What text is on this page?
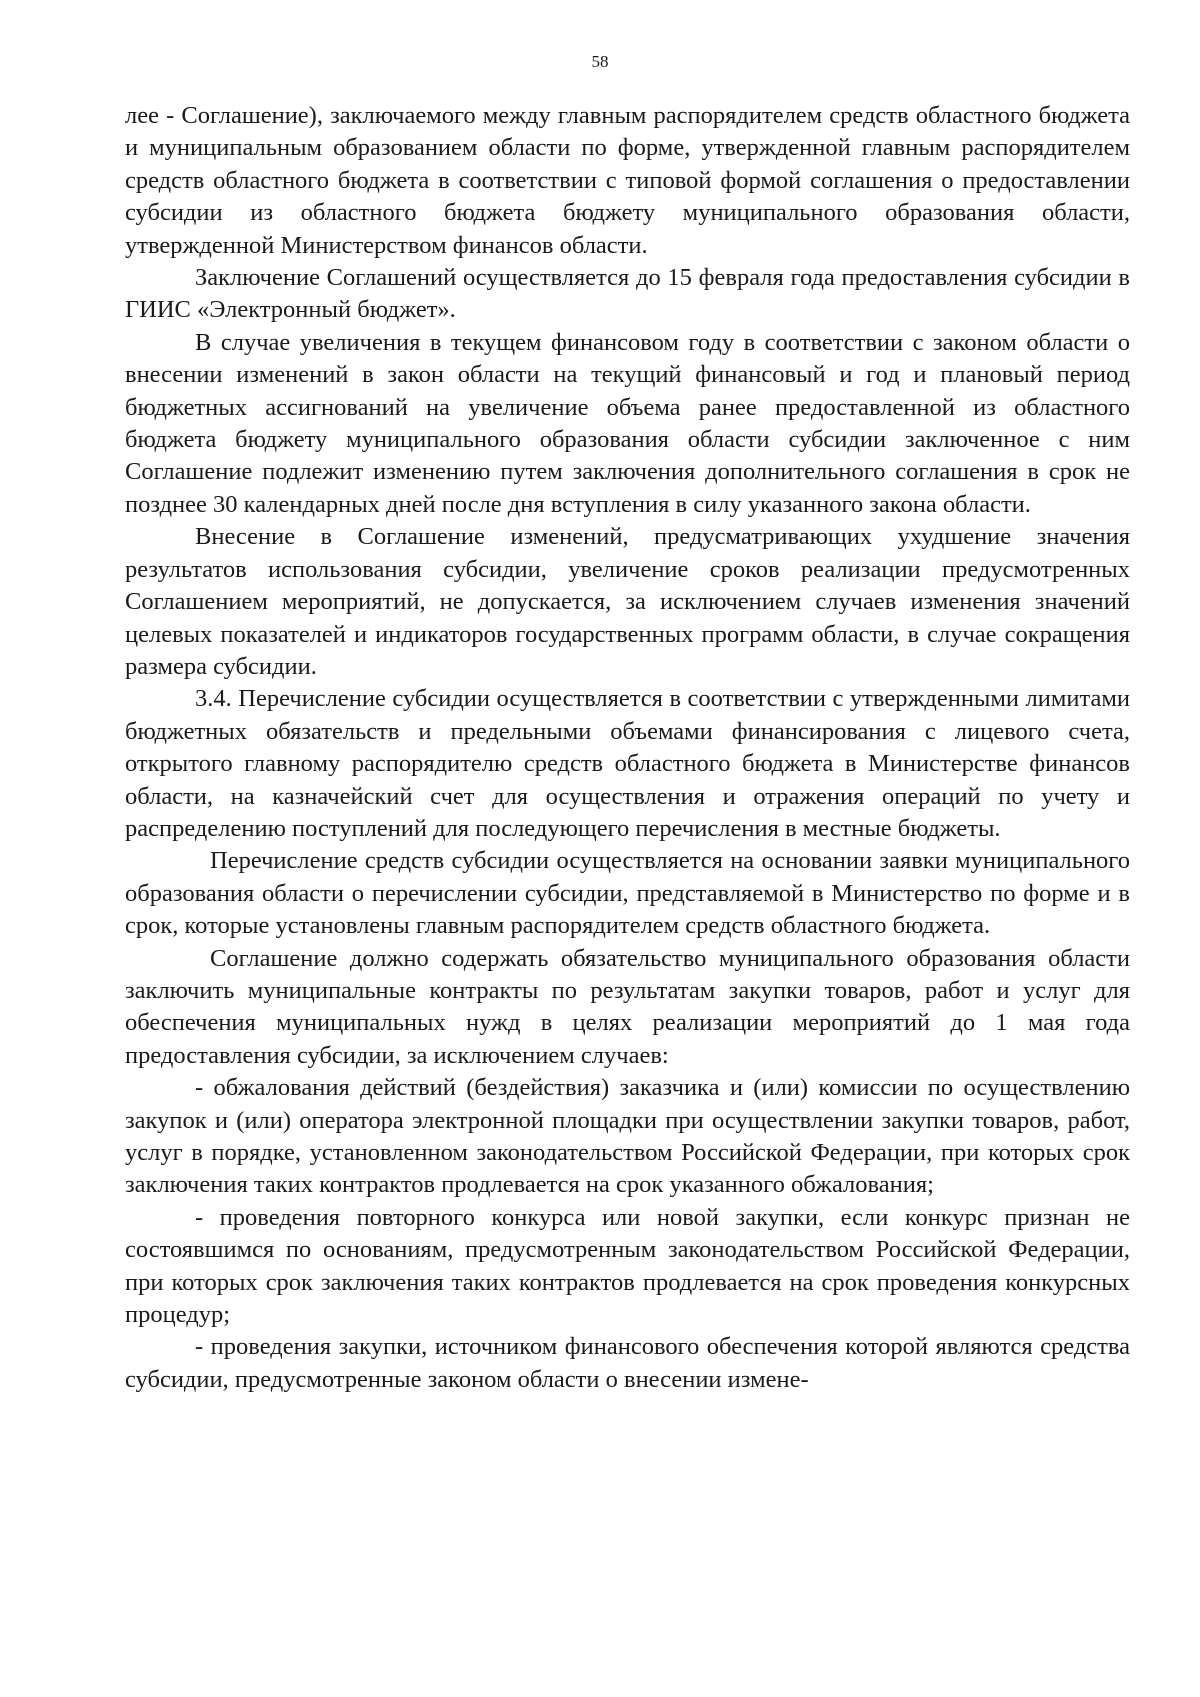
58

лее - Соглашение), заключаемого между главным распорядителем средств областного бюджета и муниципальным образованием области по форме, утвержденной главным распорядителем средств областного бюджета в соответствии с типовой формой соглашения о предоставлении субсидии из областного бюджета бюджету муниципального образования области, утвержденной Министерством финансов области.

Заключение Соглашений осуществляется до 15 февраля года предоставления субсидии в ГИИС «Электронный бюджет».

В случае увеличения в текущем финансовом году в соответствии с законом области о внесении изменений в закон области на текущий финансовый и год и плановый период бюджетных ассигнований на увеличение объема ранее предоставленной из областного бюджета бюджету муниципального образования области субсидии заключенное с ним Соглашение подлежит изменению путем заключения дополнительного соглашения в срок не позднее 30 календарных дней после дня вступления в силу указанного закона области.

Внесение в Соглашение изменений, предусматривающих ухудшение значения результатов использования субсидии, увеличение сроков реализации предусмотренных Соглашением мероприятий, не допускается, за исключением случаев изменения значений целевых показателей и индикаторов государственных программ области, в случае сокращения размера субсидии.

3.4. Перечисление субсидии осуществляется в соответствии с утвержденными лимитами бюджетных обязательств и предельными объемами финансирования с лицевого счета, открытого главному распорядителю средств областного бюджета в Министерстве финансов области, на казначейский счет для осуществления и отражения операций по учету и распределению поступлений для последующего перечисления в местные бюджеты.

Перечисление средств субсидии осуществляется на основании заявки муниципального образования области о перечислении субсидии, представляемой в Министерство по форме и в срок, которые установлены главным распорядителем средств областного бюджета.

Соглашение должно содержать обязательство муниципального образования области заключить муниципальные контракты по результатам закупки товаров, работ и услуг для обеспечения муниципальных нужд в целях реализации мероприятий до 1 мая года предоставления субсидии, за исключением случаев:

- обжалования действий (бездействия) заказчика и (или) комиссии по осуществлению закупок и (или) оператора электронной площадки при осуществлении закупки товаров, работ, услуг в порядке, установленном законодательством Российской Федерации, при которых срок заключения таких контрактов продлевается на срок указанного обжалования;

- проведения повторного конкурса или новой закупки, если конкурс признан не состоявшимся по основаниям, предусмотренным законодательством Российской Федерации, при которых срок заключения таких контрактов продлевается на срок проведения конкурсных процедур;

- проведения закупки, источником финансового обеспечения которой являются средства субсидии, предусмотренные законом области о внесении измене-
